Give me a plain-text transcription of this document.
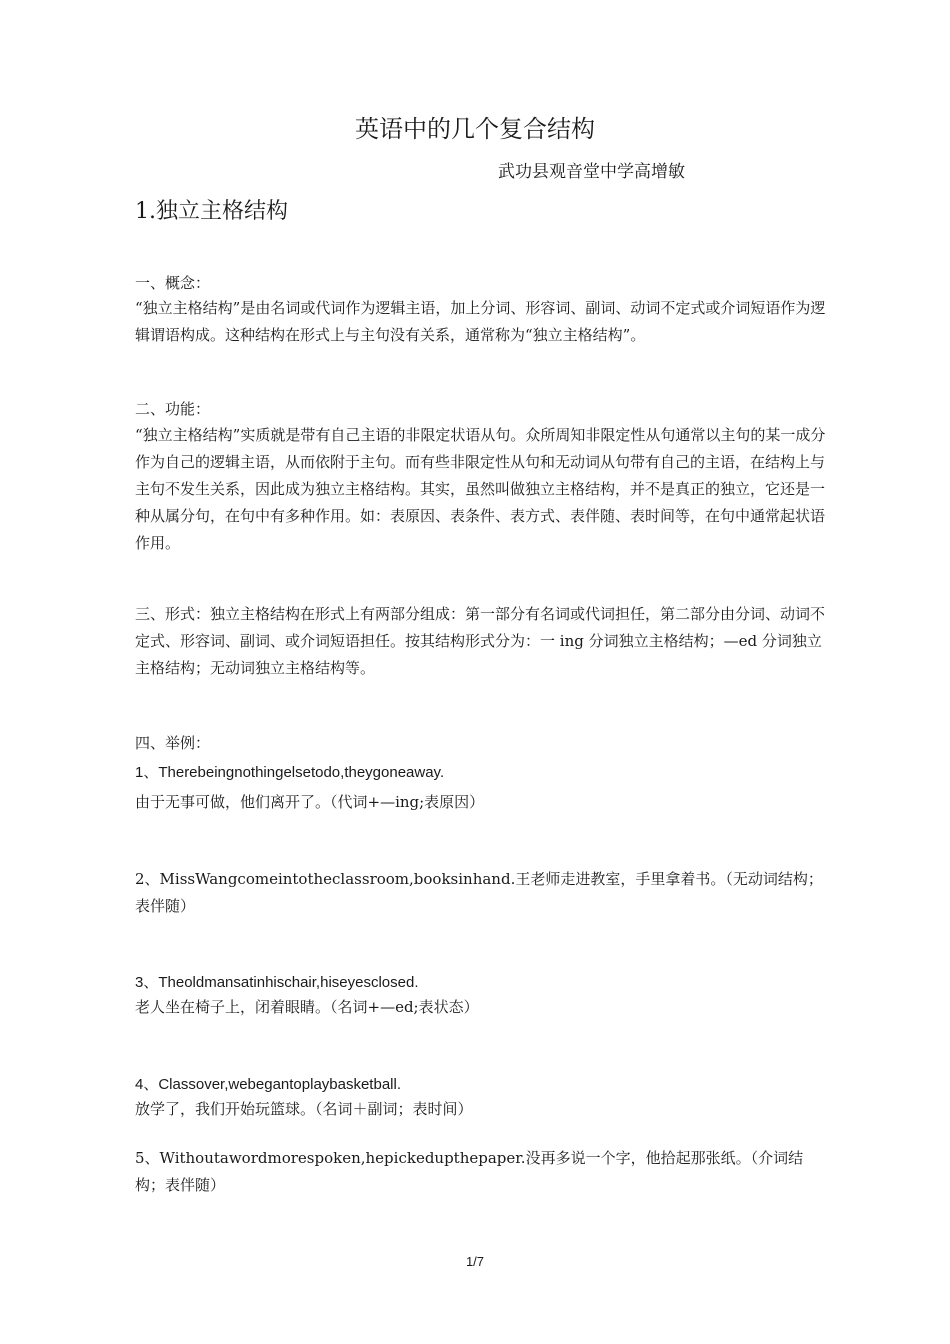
英语中的几个复合结构

武功县观音堂中学高增敏

1.独立主格结构

一、概念：

“独立主格结构”是由名词或代词作为逻辑主语，加上分词、形容词、副词、动词不定式或介词短语作为逻辑谓语构成。这种结构在形式上与主句没有关系，通常称为“独立主格结构”。

二、功能：

“独立主格结构”实质就是带有自己主语的非限定状语从句。众所周知非限定性从句通常以主句的某一成分作为自己的逻辑主语，从而依附于主句。而有些非限定性从句和无动词从句带有自己的主语，在结构上与主句不发生关系，因此成为独立主格结构。其实，虽然叫做独立主格结构，并不是真正的独立，它还是一种从属分句，在句中有多种作用。如：表原因、表条件、表方式、表伴随、表时间等，在句中通常起状语作用。

三、形式：独立主格结构在形式上有两部分组成：第一部分有名词或代词担任，第二部分由分词、动词不定式、形容词、副词、或介词短语担任。按其结构形式分为：一 ing 分词独立主格结构；—ed 分词独立主格结构；无动词独立主格结构等。

四、举例：

1、Therebeingnothingelsetodo,theygoneaway.

由于无事可做，他们离开了。（代词+—ing;表原因）

2、MissWangcomeintotheclassroom,booksinhand.王老师走进教室，手里拿着书。（无动词结构；表伴随）

3、Theoldmansatinhischair,hiseyesclosed.

老人坐在椅子上，闭着眼睛。（名词+—ed;表状态）

4、Classover,webegantoplaybasketball.

放学了，我们开始玩篮球。（名词＋副词；表时间）

5、Withoutawordmorespoken,hepickedupthepaper.没再多说一个字，他拾起那张纸。（介词结构；表伴随）

1/7
